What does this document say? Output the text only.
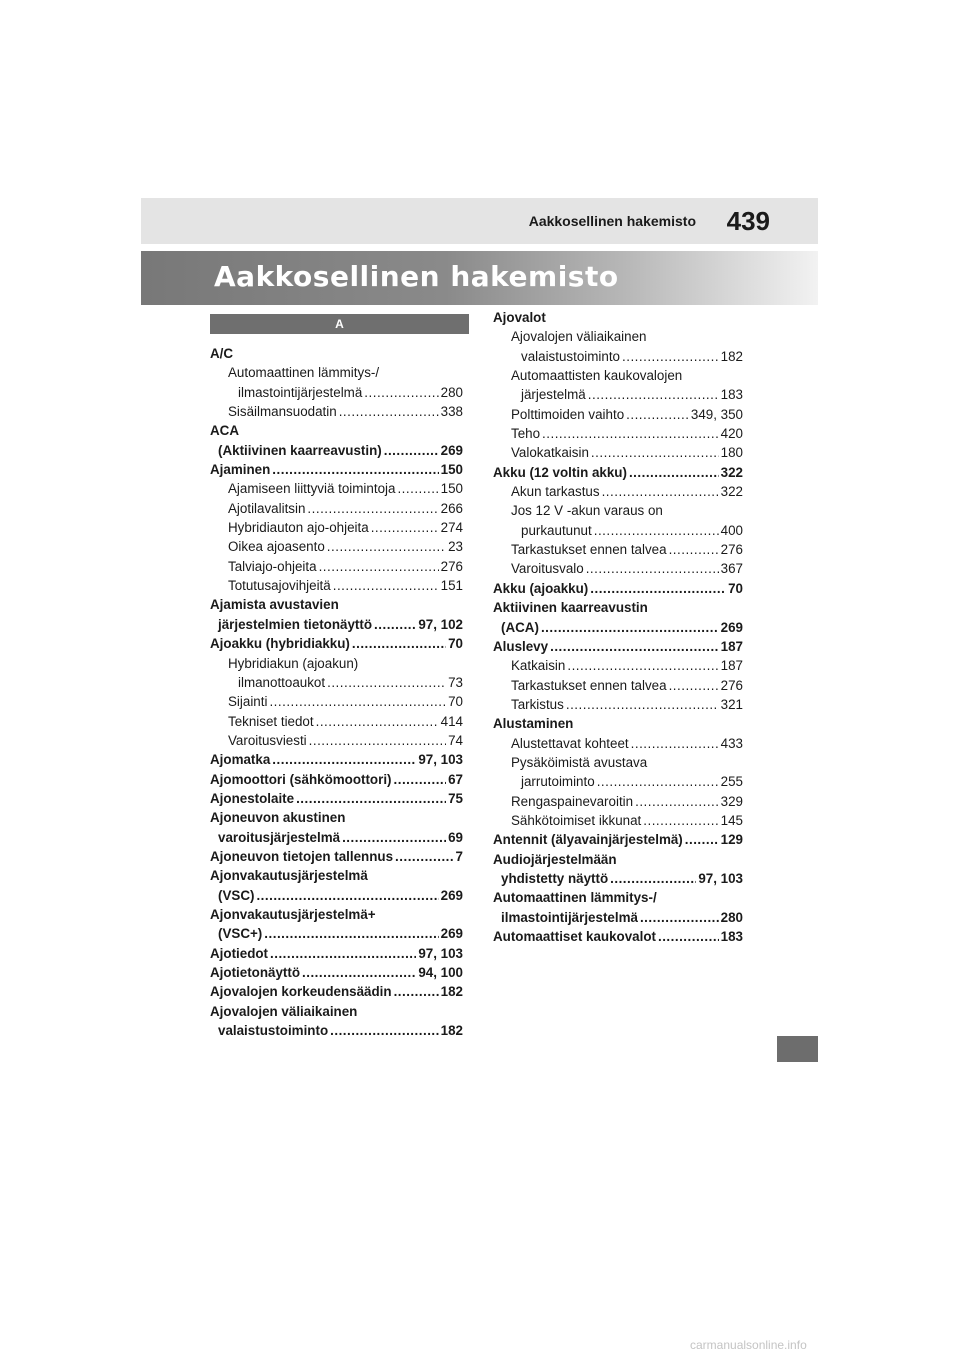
Aakkosellinen hakemisto 439
Aakkosellinen hakemisto
A
A/C
Automaattinen lämmitys-/
ilmastointijärjestelmä .....	280
Sisäilmansuodatin .....	338
ACA
(Aktiivinen kaarreavustin) .....	269
Ajaminen .....	150
Ajamiseen liittyviä toimintoja .....	150
Ajotilavalitsin .....	266
Hybridiauton ajo-ohjeita .....	274
Oikea ajoasento .....	23
Talviajo-ohjeita .....	276
Totutusajovihjeitä .....	151
Ajamista avustavien
järjestelmien tietonäyttö .....	97, 102
Ajoakku (hybridiakku) .....	70
Hybridiakun (ajoakun)
ilmanottoaukot .....	73
Sijainti .....	70
Tekniset tiedot .....	414
Varoitusviesti .....	74
Ajomatka .....	97, 103
Ajomoottori (sähkömoottori) .....	67
Ajonestolaite .....	75
Ajoneuvon akustinen
varoitusjärjestelmä .....	69
Ajoneuvon tietojen tallennus .....	7
Ajonvakautusjärjestelmä
(VSC) .....	269
Ajonvakautusjärjestelmä+
(VSC+) .....	269
Ajotiedot .....	97, 103
Ajotietonäyttö .....	94, 100
Ajovalojen korkeudensäädin .....	182
Ajovalojen väliaikainen
valaistustoiminto .....	182
Ajovalot
Ajovalojen väliaikainen
valaistustoiminto .....	182
Automaattisten kaukovalojen
järjestelmä .....	183
Polttimoiden vaihto .....	349, 350
Teho .....	420
Valokatkaisin .....	180
Akku (12 voltin akku) .....	322
Akun tarkastus .....	322
Jos 12 V -akun varaus on
purkautunut .....	400
Tarkastukset ennen talvea .....	276
Varoitusvalo .....	367
Akku (ajoakku) .....	70
Aktiivinen kaarreavustin
(ACA) .....	269
Aluslevy .....	187
Katkaisin .....	187
Tarkastukset ennen talvea .....	276
Tarkistus .....	321
Alustaminen
Alustettavat kohteet .....	433
Pysäköimistä avustava
jarrutoiminto .....	255
Rengaspainevaroitin .....	329
Sähkötoimiset ikkunat .....	145
Antennit (älyavainjärjestelmä) .....	129
Audiojärjestelmään
yhdistetty näyttö .....	97, 103
Automaattinen lämmitys-/
ilmastointijärjestelmä .....	280
Automaattiset kaukovalot .....	183
carmanualsonline.info
